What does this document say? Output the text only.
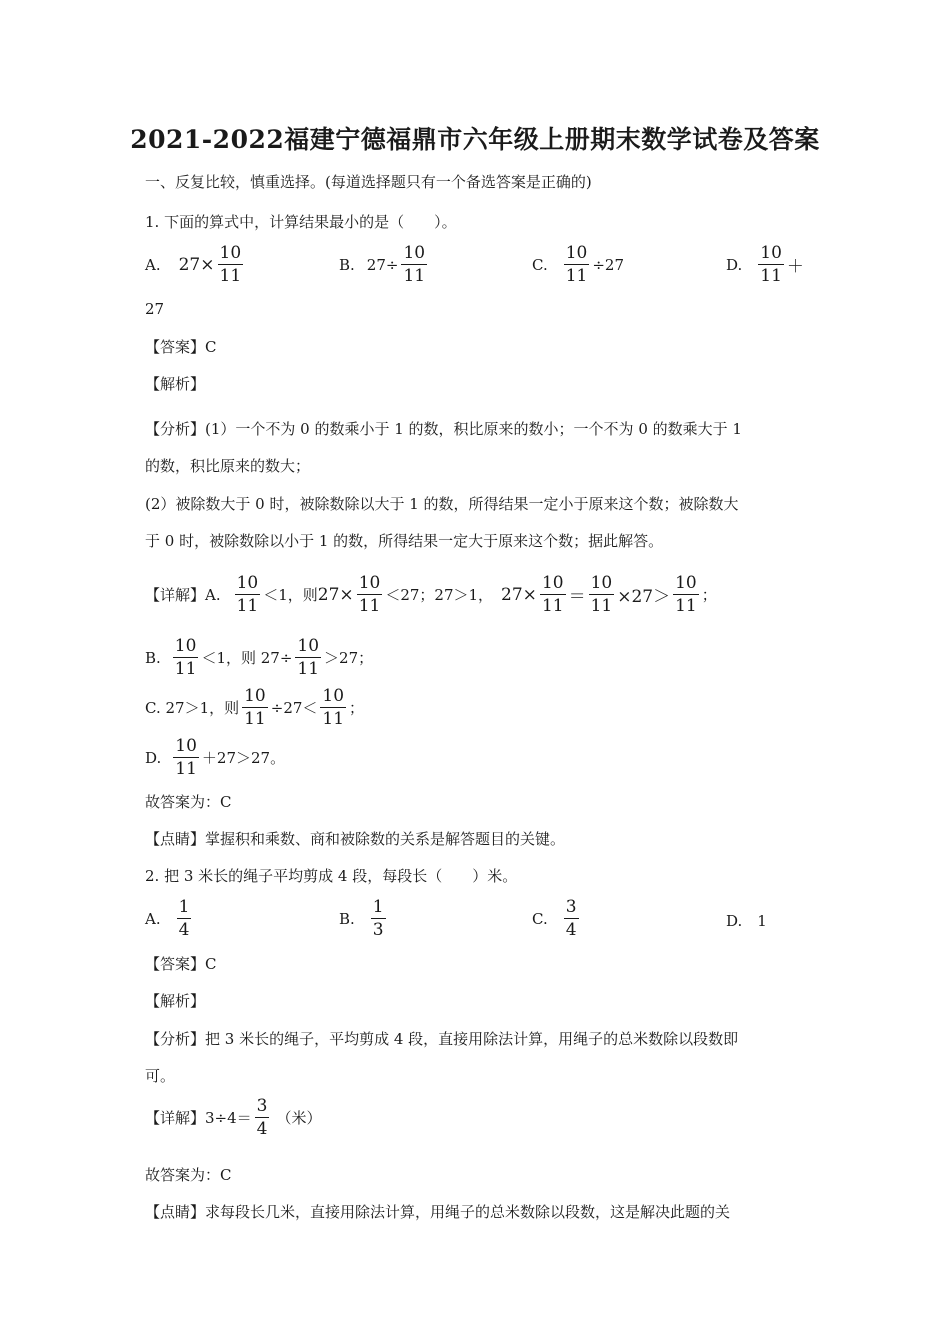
2021-2022福建宁德福鼎市六年级上册期末数学试卷及答案
一、反复比较，慎重选择。(每道选择题只有一个备选答案是正确的)
1. 下面的算式中，计算结果最小的是（　　）。
A. $27\times \frac{10}{11}$	B. $27\div \frac{10}{11}$	C. $\frac{10}{11} \div 27$	D. $\frac{10}{11}$ ＋
27
【答案】C
【解析】
【分析】(1）一个不为 0 的数乘小于 1 的数，积比原来的数小；一个不为 0 的数乘大于 1
的数，积比原来的数大；
(2）被除数大于 0 时，被除数除以大于 1 的数，所得结果一定小于原来这个数；被除数大
于 0 时，被除数除以小于 1 的数，所得结果一定大于原来这个数；据此解答。
【详解】A. $\frac{10}{11} <1$，则 $27\times \frac{10}{11} <27$；27＞1， $27\times \frac{10}{11} = \frac{10}{11} \times 27> \frac{10}{11}$ ；
B. $\frac{10}{11} <1$，则 $27\div \frac{10}{11} >27$；
C. 27＞1，则 $\frac{10}{11} \div 27< \frac{10}{11}$ ；
D. $\frac{10}{11} +27>27$。
故答案为：C
【点睛】掌握积和乘数、商和被除数的关系是解答题目的关键。
2. 把 3 米长的绳子平均剪成 4 段，每段长（　　）米。
A. $\frac{1}{4}$	B. $\frac{1}{3}$	C. $\frac{3}{4}$	D.　1
【答案】C
【解析】
【分析】把 3 米长的绳子，平均剪成 4 段，直接用除法计算，用绳子的总米数除以段数即
可。
【详解】$3\div 4= \frac{3}{4}$ （米）
故答案为：C
【点睛】求每段长几米，直接用除法计算，用绳子的总米数除以段数，这是解决此题的关
